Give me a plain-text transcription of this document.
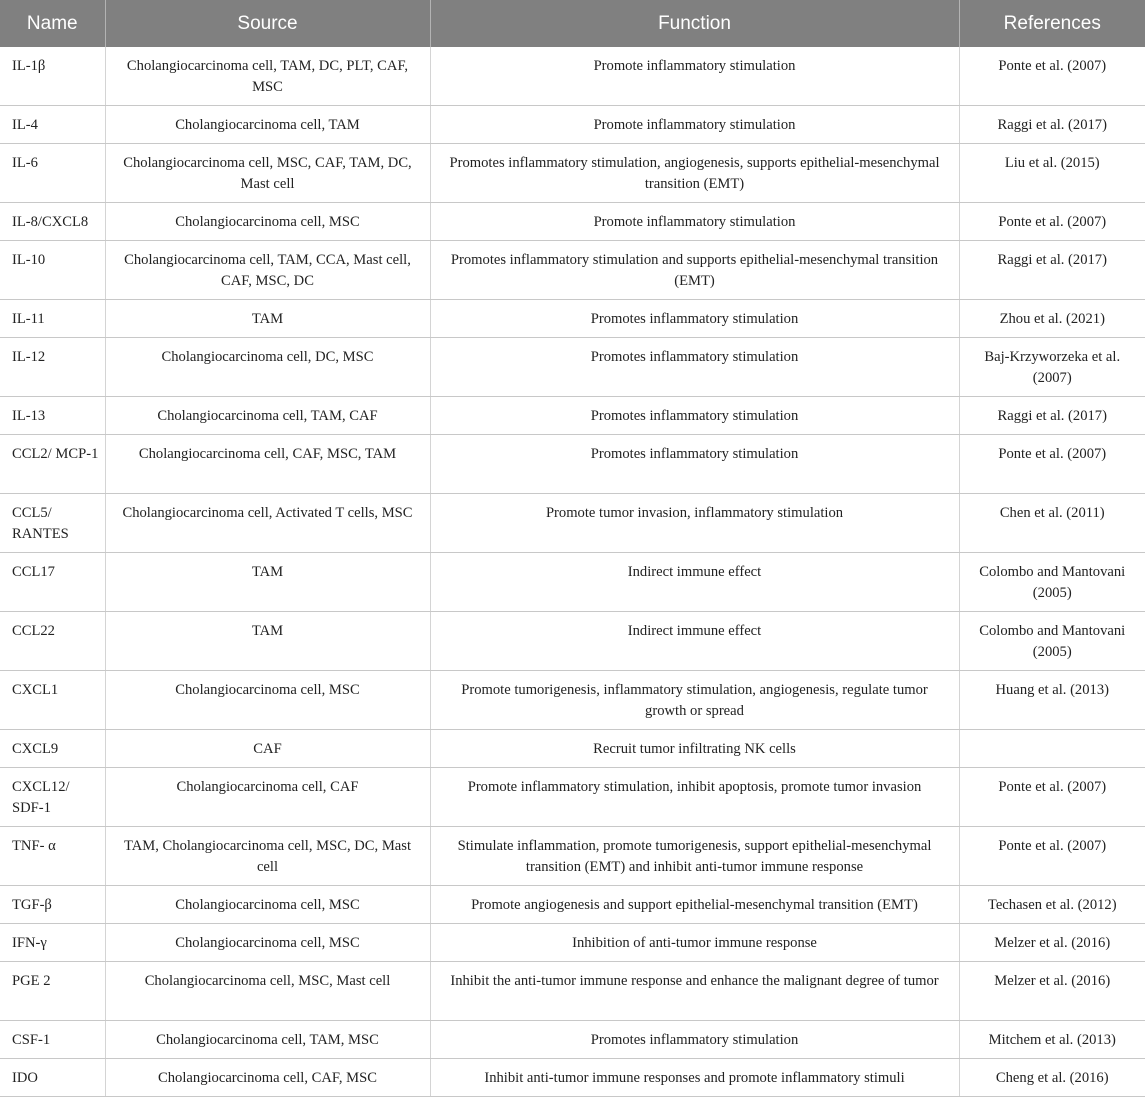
Name	Source	Function	References
IL-1β	Cholangiocarcinoma cell, TAM, DC, PLT, CAF, MSC	Promote inflammatory stimulation	Ponte et al. (2007)
IL-4	Cholangiocarcinoma cell, TAM	Promote inflammatory stimulation	Raggi et al. (2017)
IL-6	Cholangiocarcinoma cell, MSC, CAF, TAM, DC, Mast cell	Promotes inflammatory stimulation, angiogenesis, supports epithelial-mesenchymal transition (EMT)	Liu et al. (2015)
IL-8/CXCL8	Cholangiocarcinoma cell, MSC	Promote inflammatory stimulation	Ponte et al. (2007)
IL-10	Cholangiocarcinoma cell, TAM, CCA, Mast cell, CAF, MSC, DC	Promotes inflammatory stimulation and supports epithelial-mesenchymal transition (EMT)	Raggi et al. (2017)
IL-11	TAM	Promotes inflammatory stimulation	Zhou et al. (2021)
IL-12	Cholangiocarcinoma cell, DC, MSC	Promotes inflammatory stimulation	Baj-Krzyworzeka et al. (2007)
IL-13	Cholangiocarcinoma cell, TAM, CAF	Promotes inflammatory stimulation	Raggi et al. (2017)
CCL2/ MCP-1	Cholangiocarcinoma cell, CAF, MSC, TAM	Promotes inflammatory stimulation	Ponte et al. (2007)
CCL5/ RANTES	Cholangiocarcinoma cell, Activated T cells, MSC	Promote tumor invasion, inflammatory stimulation	Chen et al. (2011)
CCL17	TAM	Indirect immune effect	Colombo and Mantovani (2005)
CCL22	TAM	Indirect immune effect	Colombo and Mantovani (2005)
CXCL1	Cholangiocarcinoma cell, MSC	Promote tumorigenesis, inflammatory stimulation, angiogenesis, regulate tumor growth or spread	Huang et al. (2013)
CXCL9	CAF	Recruit tumor infiltrating NK cells	
CXCL12/ SDF-1	Cholangiocarcinoma cell, CAF	Promote inflammatory stimulation, inhibit apoptosis, promote tumor invasion	Ponte et al. (2007)
TNF- α	TAM, Cholangiocarcinoma cell, MSC, DC, Mast cell	Stimulate inflammation, promote tumorigenesis, support epithelial-mesenchymal transition (EMT) and inhibit anti-tumor immune response	Ponte et al. (2007)
TGF-β	Cholangiocarcinoma cell, MSC	Promote angiogenesis and support epithelial-mesenchymal transition (EMT)	Techasen et al. (2012)
IFN-γ	Cholangiocarcinoma cell, MSC	Inhibition of anti-tumor immune response	Melzer et al. (2016)
PGE 2	Cholangiocarcinoma cell, MSC, Mast cell	Inhibit the anti-tumor immune response and enhance the malignant degree of tumor	Melzer et al. (2016)
CSF-1	Cholangiocarcinoma cell, TAM, MSC	Promotes inflammatory stimulation	Mitchem et al. (2013)
IDO	Cholangiocarcinoma cell, CAF, MSC	Inhibit anti-tumor immune responses and promote inflammatory stimuli	Cheng et al. (2016)
